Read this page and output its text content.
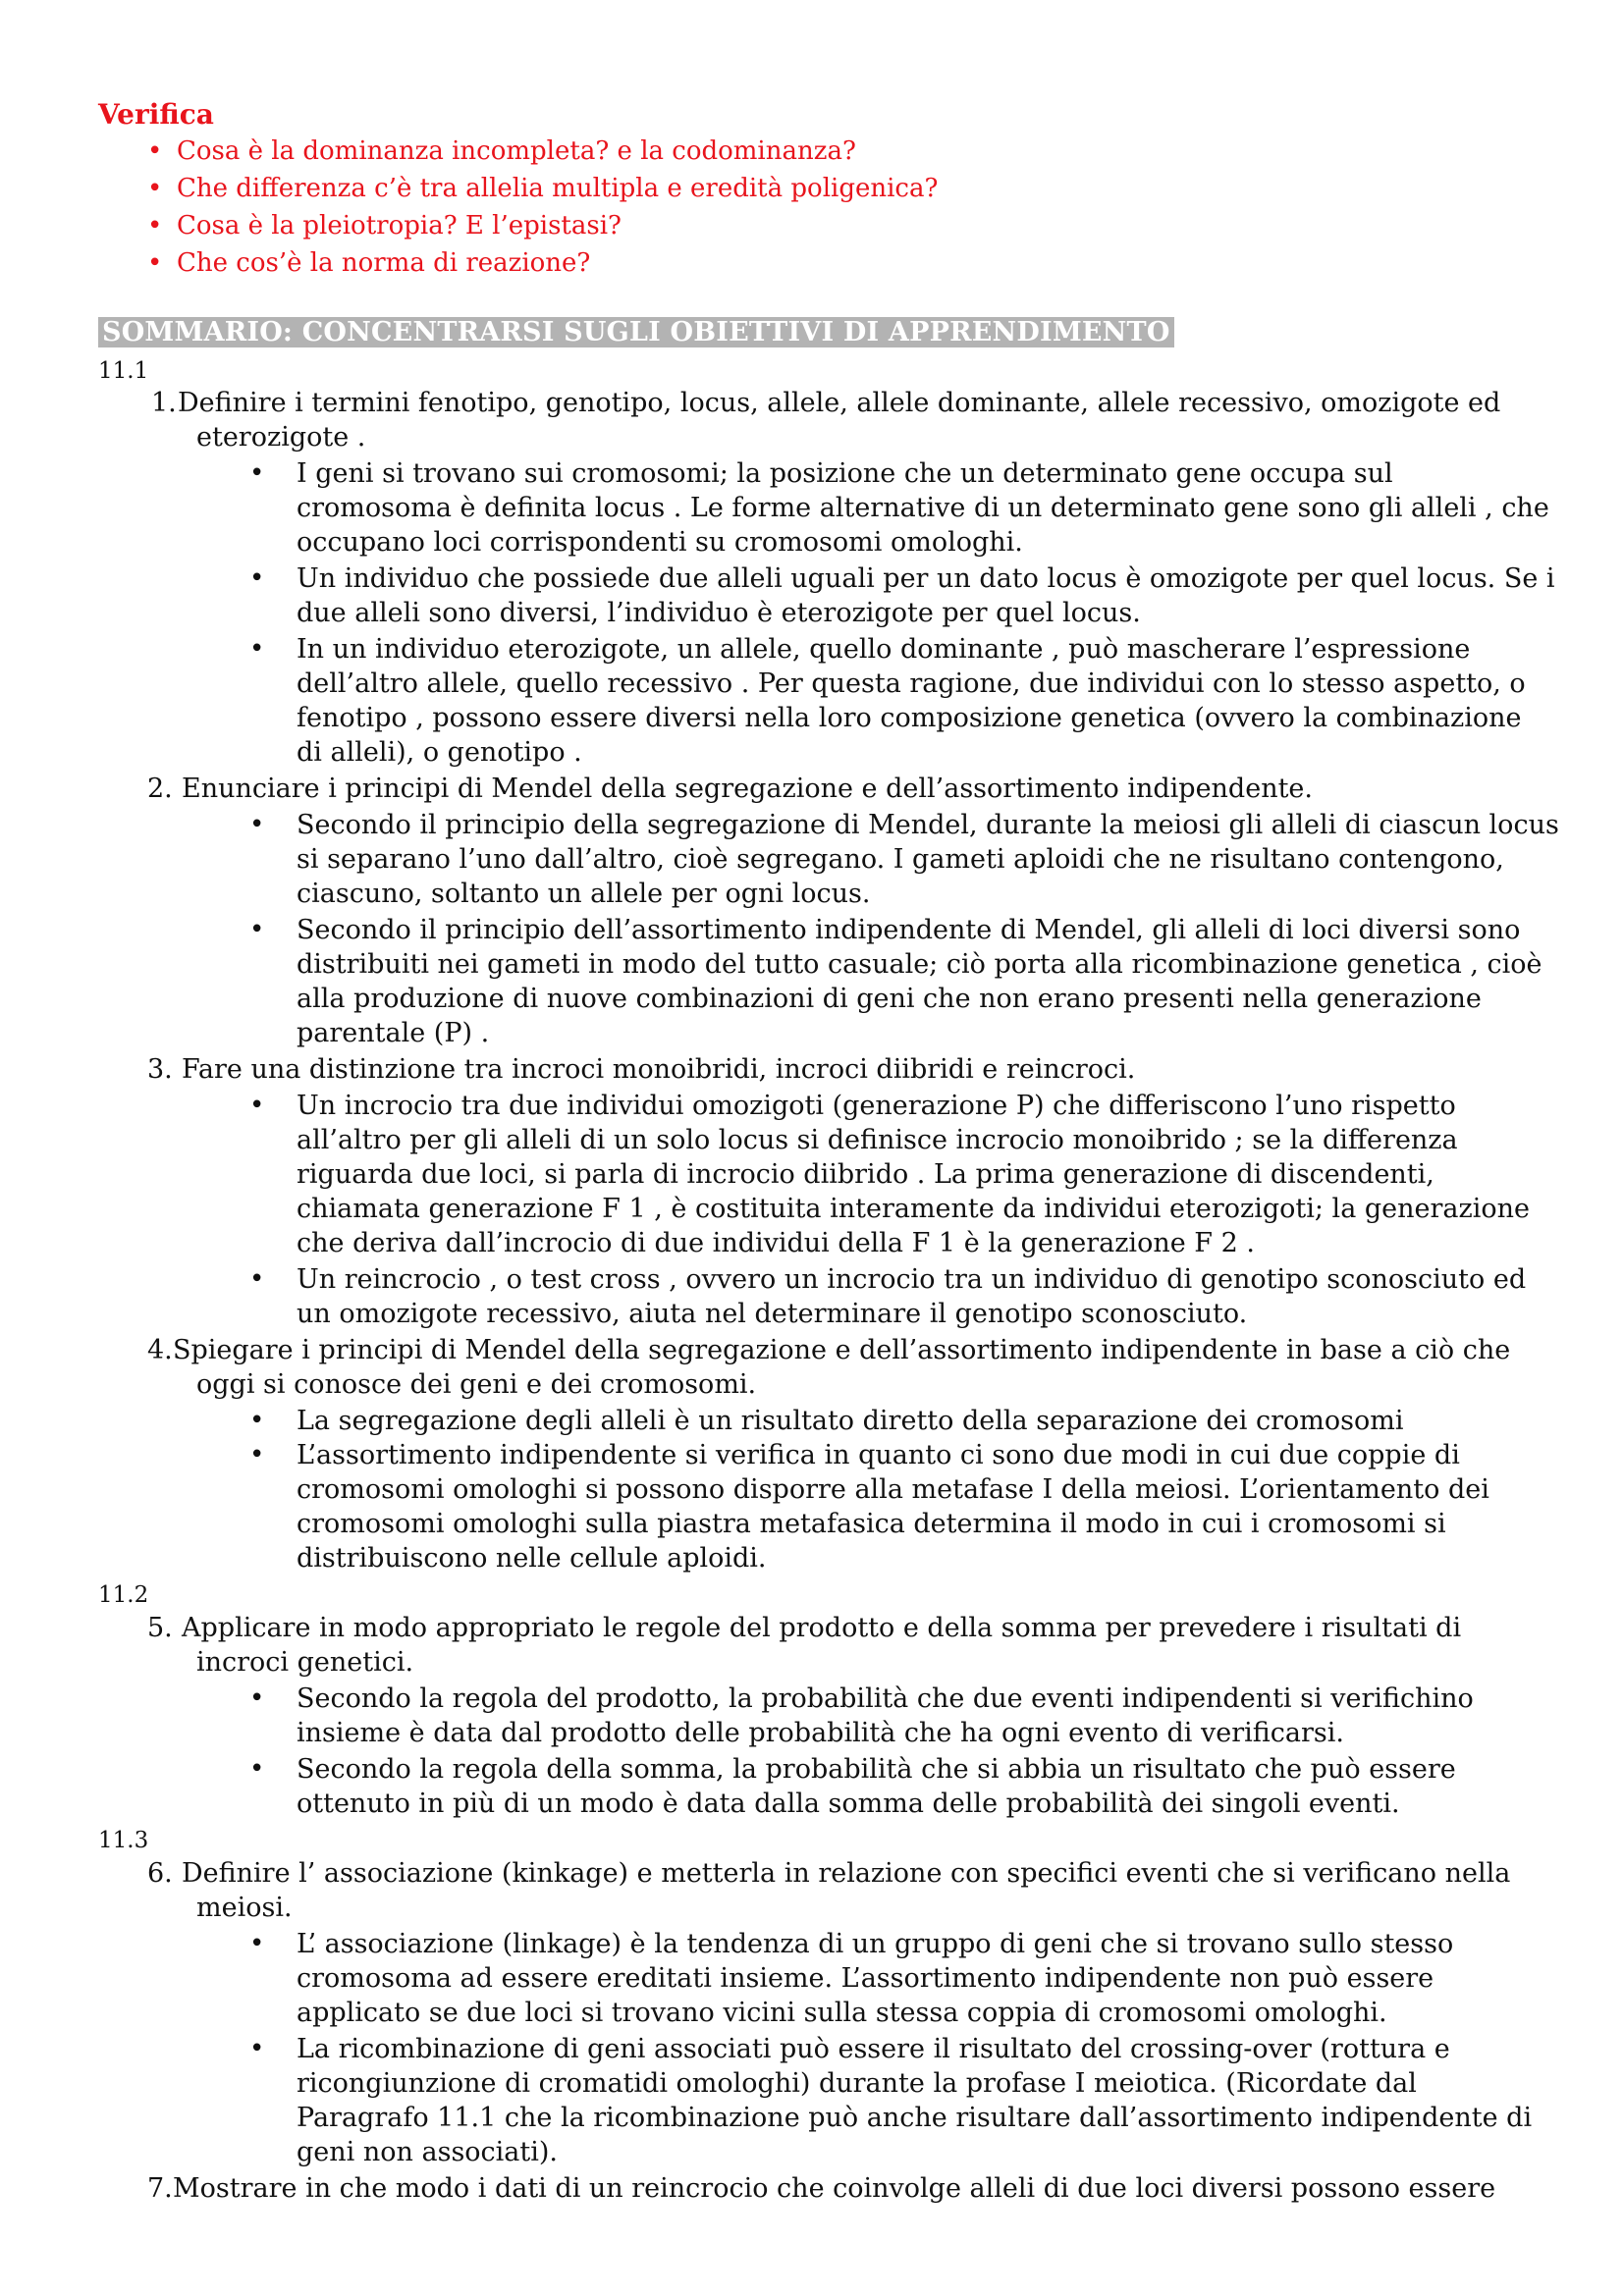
Verifica
• Cosa è la dominanza incompleta? e la codominanza?
• Che differenza c’è tra allelia multipla e eredità poligenica?
• Cosa è la pleiotropia? E l’epistasi?
• Che cos’è la norma di reazione?
SOMMARIO: CONCENTRARSI SUGLI OBIETTIVI DI APPRENDIMENTO
11.1
1. Definire i termini fenotipo, genotipo, locus, allele, allele dominante, allele recessivo, omozigote ed
eterozigote .
• I geni si trovano sui cromosomi; la posizione che un determinato gene occupa sul
cromosoma è definita locus . Le forme alternative di un determinato gene sono gli alleli , che
occupano loci corrispondenti su cromosomi omologhi.
• Un individuo che possiede due alleli uguali per un dato locus è omozigote per quel locus. Se i
due alleli sono diversi, l’individuo è eterozigote per quel locus.
• In un individuo eterozigote, un allele, quello dominante , può mascherare l’espressione
dell’altro allele, quello recessivo . Per questa ragione, due individui con lo stesso aspetto, o
fenotipo , possono essere diversi nella loro composizione genetica (ovvero la combinazione
di alleli), o genotipo .
2. Enunciare i principi di Mendel della segregazione e dell’assortimento indipendente.
• Secondo il principio della segregazione di Mendel, durante la meiosi gli alleli di ciascun locus
si separano l’uno dall’altro, cioè segregano. I gameti aploidi che ne risultano contengono,
ciascuno, soltanto un allele per ogni locus.
• Secondo il principio dell’assortimento indipendente di Mendel, gli alleli di loci diversi sono
distribuiti nei gameti in modo del tutto casuale; ciò porta alla ricombinazione genetica , cioè
alla produzione di nuove combinazioni di geni che non erano presenti nella generazione
parentale (P) .
3. Fare una distinzione tra incroci monoibridi, incroci diibridi e reincroci.
• Un incrocio tra due individui omozigoti (generazione P) che differiscono l’uno rispetto
all’altro per gli alleli di un solo locus si definisce incrocio monoibrido ; se la differenza
riguarda due loci, si parla di incrocio diibrido . La prima generazione di discendenti,
chiamata generazione F 1 , è costituita interamente da individui eterozigoti; la generazione
che deriva dall’incrocio di due individui della F 1 è la generazione F 2 .
• Un reincrocio , o test cross , ovvero un incrocio tra un individuo di genotipo sconosciuto ed
un omozigote recessivo, aiuta nel determinare il genotipo sconosciuto.
4. Spiegare i principi di Mendel della segregazione e dell’assortimento indipendente in base a ciò che
oggi si conosce dei geni e dei cromosomi.
• La segregazione degli alleli è un risultato diretto della separazione dei cromosomi
• L’assortimento indipendente si verifica in quanto ci sono due modi in cui due coppie di
cromosomi omologhi si possono disporre alla metafase I della meiosi. L’orientamento dei
cromosomi omologhi sulla piastra metafasica determina il modo in cui i cromosomi si
distribuiscono nelle cellule aploidi.
11.2
5. Applicare in modo appropriato le regole del prodotto e della somma per prevedere i risultati di
incroci genetici.
• Secondo la regola del prodotto, la probabilità che due eventi indipendenti si verifichino
insieme è data dal prodotto delle probabilità che ha ogni evento di verificarsi.
• Secondo la regola della somma, la probabilità che si abbia un risultato che può essere
ottenuto in più di un modo è data dalla somma delle probabilità dei singoli eventi.
11.3
6. Definire l’ associazione (kinkage) e metterla in relazione con specifici eventi che si verificano nella
meiosi.
• L’ associazione (linkage) è la tendenza di un gruppo di geni che si trovano sullo stesso
cromosoma ad essere ereditati insieme. L’assortimento indipendente non può essere
applicato se due loci si trovano vicini sulla stessa coppia di cromosomi omologhi.
• La ricombinazione di geni associati può essere il risultato del crossing-over (rottura e
ricongiunzione di cromatidi omologhi) durante la profase I meiotica. (Ricordate dal
Paragrafo 11.1 che la ricombinazione può anche risultare dall’assortimento indipendente di
geni non associati).
7. Mostrare in che modo i dati di un reincrocio che coinvolge alleli di due loci diversi possono essere
